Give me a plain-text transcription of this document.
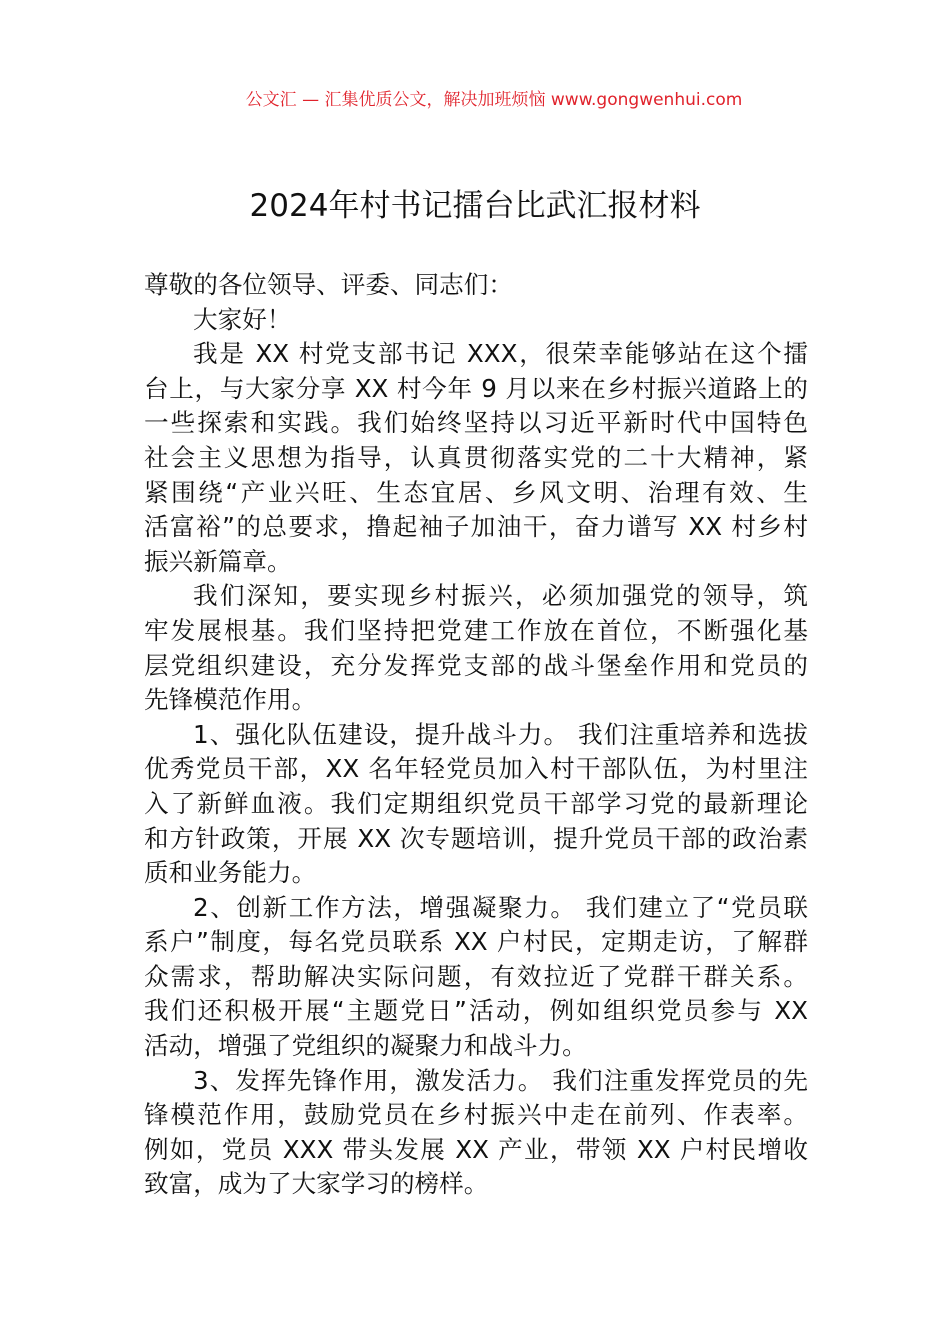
公文汇 — 汇集优质公文，解决加班烦恼 www.gongwenhui.com
2024年村书记擂台比武汇报材料
尊敬的各位领导、评委、同志们：
大家好！
我是 XX 村党支部书记 XXX，很荣幸能够站在这个擂
台上，与大家分享 XX 村今年 9 月以来在乡村振兴道路上的
一些探索和实践。我们始终坚持以习近平新时代中国特色
社会主义思想为指导，认真贯彻落实党的二十大精神，紧
紧围绕“产业兴旺、生态宜居、乡风文明、治理有效、生
活富裕”的总要求，撸起袖子加油干，奋力谱写 XX 村乡村
振兴新篇章。
我们深知，要实现乡村振兴，必须加强党的领导，筑
牢发展根基。我们坚持把党建工作放在首位，不断强化基
层党组织建设，充分发挥党支部的战斗堡垒作用和党员的
先锋模范作用。
1、强化队伍建设，提升战斗力。 我们注重培养和选拔
优秀党员干部，XX 名年轻党员加入村干部队伍，为村里注
入了新鲜血液。我们定期组织党员干部学习党的最新理论
和方针政策，开展 XX 次专题培训，提升党员干部的政治素
质和业务能力。
2、创新工作方法，增强凝聚力。 我们建立了“党员联
系户”制度，每名党员联系 XX 户村民，定期走访，了解群
众需求，帮助解决实际问题，有效拉近了党群干群关系。
我们还积极开展“主题党日”活动，例如组织党员参与 XX
活动，增强了党组织的凝聚力和战斗力。
3、发挥先锋作用，激发活力。 我们注重发挥党员的先
锋模范作用，鼓励党员在乡村振兴中走在前列、作表率。
例如，党员 XXX 带头发展 XX 产业，带领 XX 户村民增收
致富，成为了大家学习的榜样。
